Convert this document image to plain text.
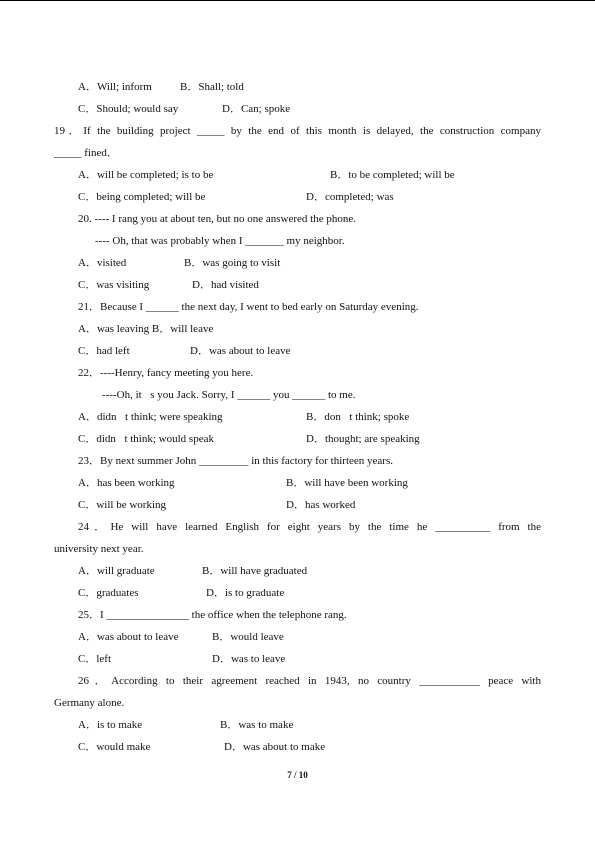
A．Will; inform	B．Shall; told
C．Should; would say	D．Can; spoke
19．If the building project _____ by the end of this month is delayed, the construction company
_____ fined．
A．will be completed; is to be	B．to be completed; will be
C．being completed; will be	D．completed; was
20. ---- I rang you at about ten, but no one answered the phone.
---- Oh, that was probably when I _______ my neighbor.
A．visited	B．was going to visit
C．was visiting	D．had visited
21．Because I ______ the next day, I went to bed early on Saturday evening.
A．was leaving B．will leave
C．had left	D．was about to leave
22．----Henry, fancy meeting you here.
----Oh, it s you Jack. Sorry, I ______ you ______ to me.
A．didn t think; were speaking	B．don t think; spoke
C．didn t think; would speak	D．thought; are speaking
23．By next summer John _________ in this factory for thirteen years.
A．has been working	B．will have been working
C．will be working	D．has worked
24．He will have learned English for eight years by the time he __________ from the
university next year.
A．will graduate	B．will have graduated
C．graduates	D．is to graduate
25．I _______________ the office when the telephone rang.
A．was about to leave	B．would leave
C．left	D．was to leave
26．According to their agreement reached in 1943, no country ___________ peace with
Germany alone.
A．is to make	B．was to make
C．would make	D．was about to make
7 / 10
